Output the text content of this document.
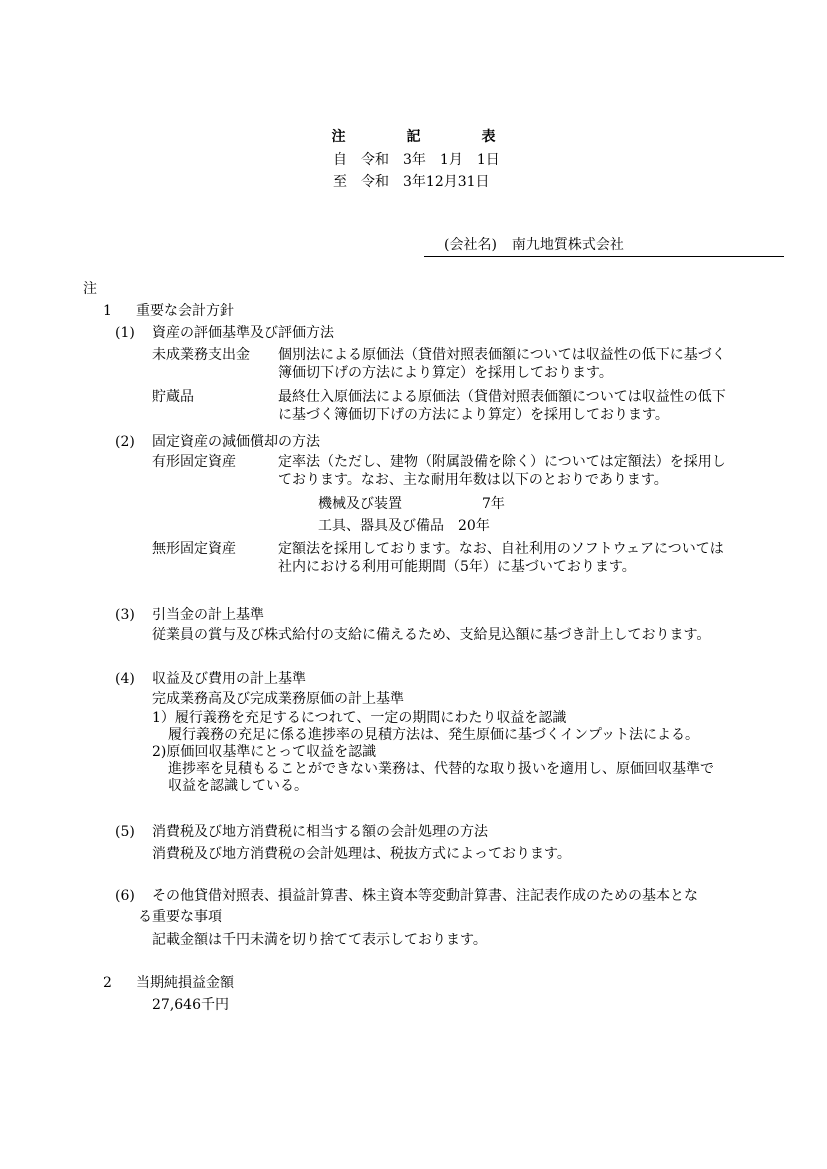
注	記	表
自　令和　3年　1月　1日
至　令和　3年12月31日
(会社名) 南九地質株式会社
注
1 重要な会計方針
(1) 資産の評価基準及び評価方法
未成業務支出金 個別法による原価法（貸借対照表価額については収益性の低下に基づく
簿価切下げの方法により算定）を採用しております。
貯蔵品	最終仕入原価法による原価法（貸借対照表価額については収益性の低下
に基づく簿価切下げの方法により算定）を採用しております。
(2) 固定資産の減価償却の方法
有形固定資産	定率法（ただし、建物（附属設備を除く）については定額法）を採用し
ております。なお、主な耐用年数は以下のとおりであります。
機械及び装置	7年
工具、器具及び備品 20年
無形固定資産	定額法を採用しております。なお、自社利用のソフトウェアについては
社内における利用可能期間（5年）に基づいております。
(3) 引当金の計上基準
従業員の賞与及び株式給付の支給に備えるため、支給見込額に基づき計上しております。
(4) 収益及び費用の計上基準
完成業務高及び完成業務原価の計上基準
1）履行義務を充足するにつれて、一定の期間にわたり収益を認識
履行義務の充足に係る進捗率の見積方法は、発生原価に基づくインプット法による。
2)原価回収基準にとって収益を認識
進捗率を見積もることができない業務は、代替的な取り扱いを適用し、原価回収基準で
収益を認識している。
(5) 消費税及び地方消費税に相当する額の会計処理の方法
消費税及び地方消費税の会計処理は、税抜方式によっております。
(6) その他貸借対照表、損益計算書、株主資本等変動計算書、注記表作成のための基本とな
る重要な事項
記載金額は千円未満を切り捨てて表示しております。
2 当期純損益金額
27,646千円
